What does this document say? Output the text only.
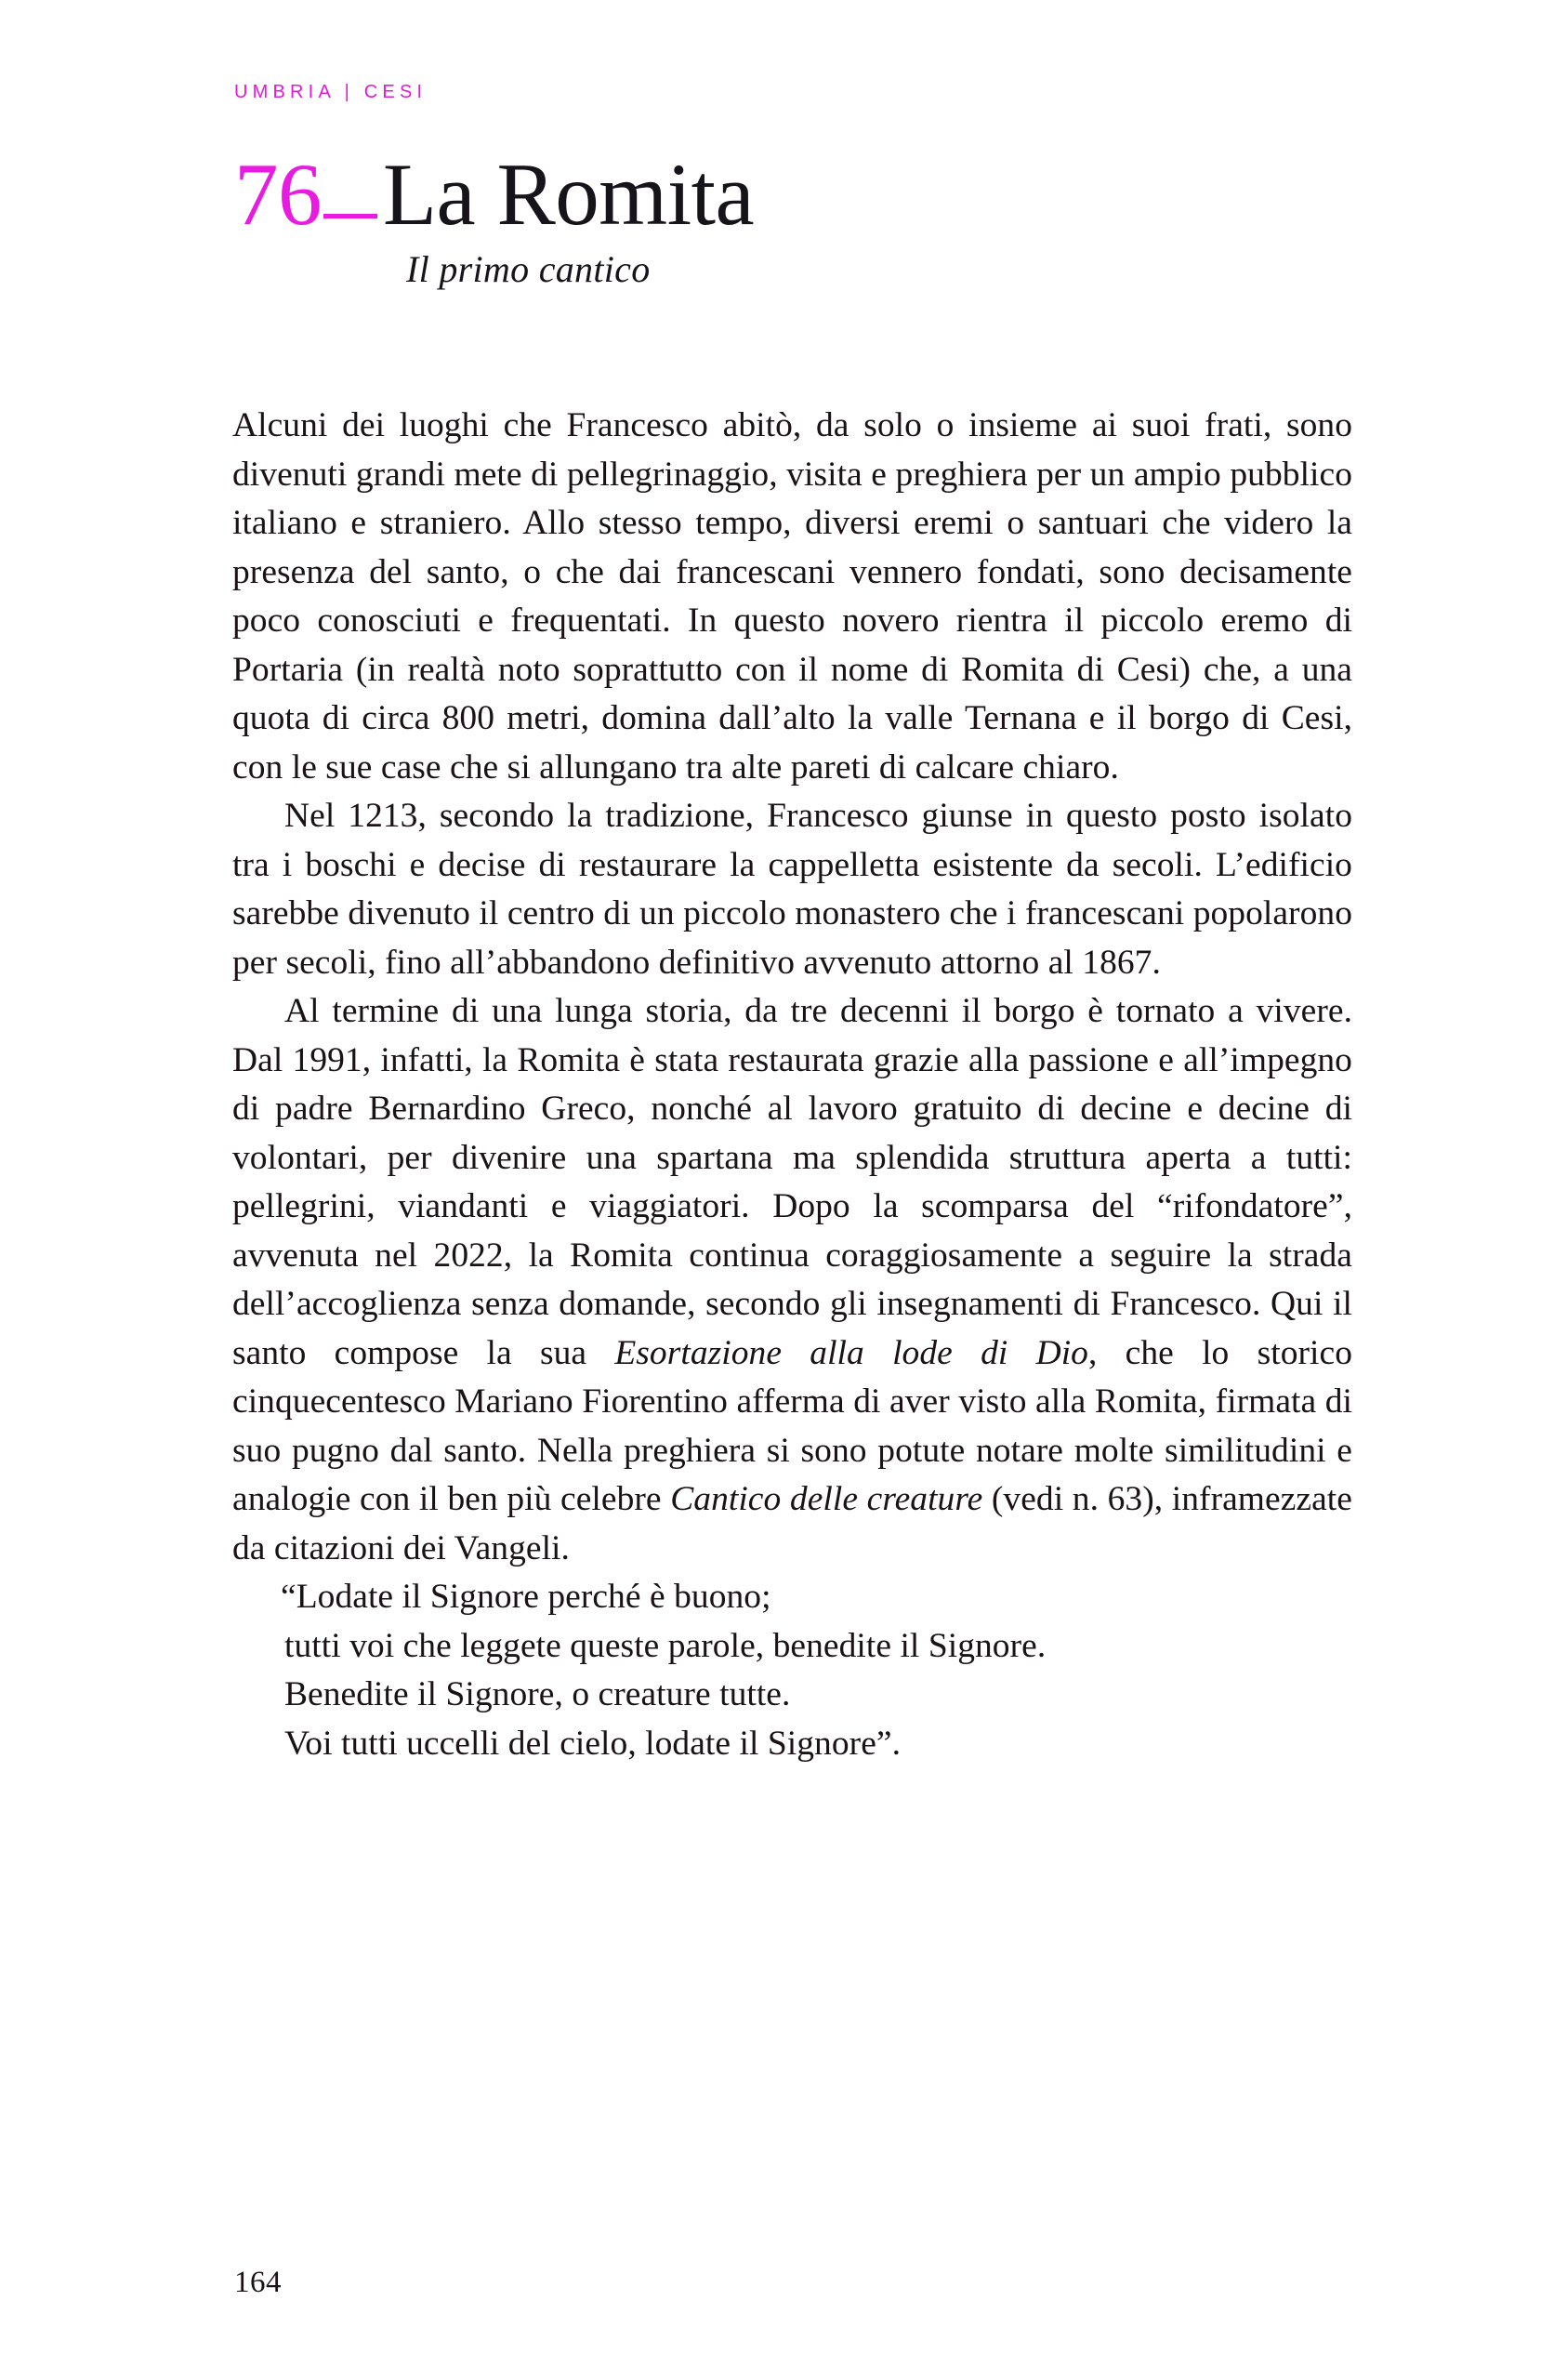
UMBRIA | CESI
76 La Romita
Il primo cantico

Alcuni dei luoghi che Francesco abitò, da solo o insieme ai suoi frati, sono divenuti grandi mete di pellegrinaggio, visita e preghiera per un ampio pubblico italiano e straniero. Allo stesso tempo, diversi eremi o santuari che videro la presenza del santo, o che dai francescani vennero fondati, sono decisamente poco conosciuti e frequentati. In questo novero rientra il piccolo eremo di Portaria (in realtà noto soprattutto con il nome di Romita di Cesi) che, a una quota di circa 800 metri, domina dall’alto la valle Ternana e il borgo di Cesi, con le sue case che si allungano tra alte pareti di calcare chiaro.

Nel 1213, secondo la tradizione, Francesco giunse in questo posto isolato tra i boschi e decise di restaurare la cappelletta esistente da secoli. L’edificio sarebbe divenuto il centro di un piccolo monastero che i francescani popolarono per secoli, fino all’abbandono definitivo avvenuto attorno al 1867.

Al termine di una lunga storia, da tre decenni il borgo è tornato a vivere. Dal 1991, infatti, la Romita è stata restaurata grazie alla passione e all’impegno di padre Bernardino Greco, nonché al lavoro gratuito di decine e decine di volontari, per divenire una spartana ma splendida struttura aperta a tutti: pellegrini, viandanti e viaggiatori. Dopo la scomparsa del “rifondatore”, avvenuta nel 2022, la Romita continua coraggiosamente a seguire la strada dell’accoglienza senza domande, secondo gli insegnamenti di Francesco. Qui il santo compose la sua Esortazione alla lode di Dio, che lo storico cinquecentesco Mariano Fiorentino afferma di aver visto alla Romita, firmata di suo pugno dal santo. Nella preghiera si sono potute notare molte similitudini e analogie con il ben più celebre Cantico delle creature (vedi n. 63), inframezzate da citazioni dei Vangeli.

“Lodate il Signore perché è buono;

tutti voi che leggete queste parole, benedite il Signore.

Benedite il Signore, o creature tutte.

Voi tutti uccelli del cielo, lodate il Signore”.

164
